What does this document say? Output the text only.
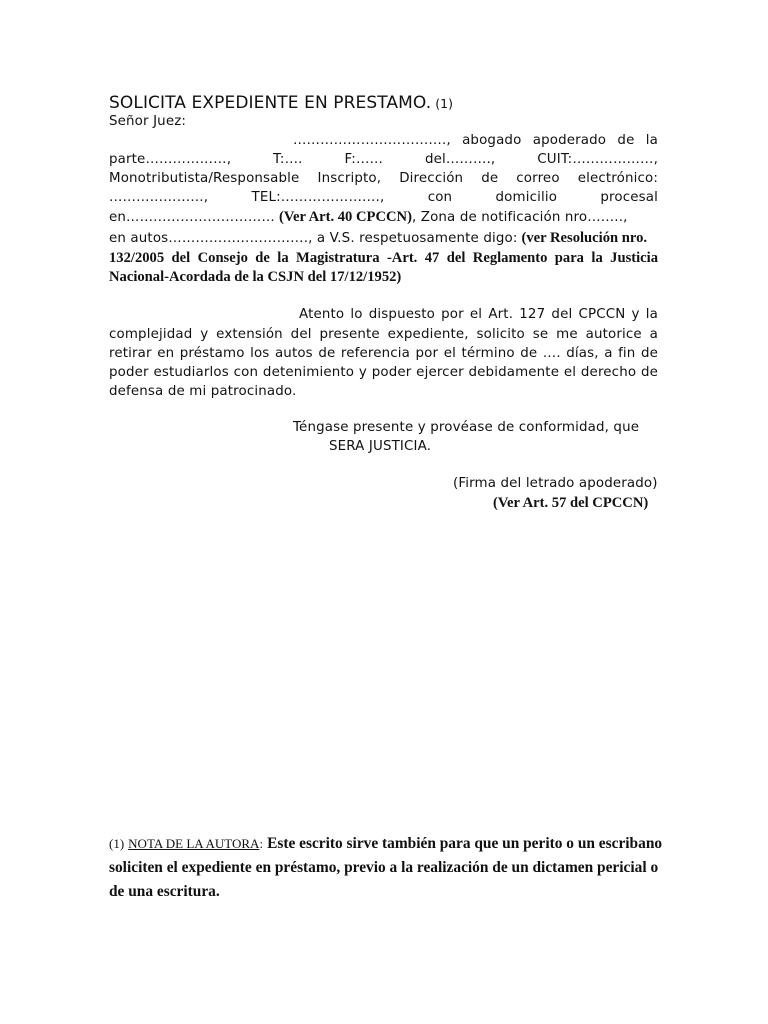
SOLICITA EXPEDIENTE EN PRESTAMO. (1)
Señor Juez:
……………………………., abogado apoderado de la
parte………………, T:…. F:…… del………., CUIT:………………,
Monotributista/Responsable Inscripto, Dirección de correo electrónico:
…………………, TEL:…………………., con domicilio procesal
en…………………………… (Ver Art. 40 CPCCN), Zona de notificación nro……..,
en autos…………………………., a V.S. respetuosamente digo: (ver Resolución nro.
132/2005 del Consejo de la Magistratura -Art. 47 del Reglamento para la Justicia
Nacional-Acordada de la CSJN del 17/12/1952)
Atento lo dispuesto por el Art. 127 del CPCCN y la
complejidad y extensión del presente expediente, solicito se me autorice a
retirar en préstamo los autos de referencia por el término de …. días, a fin de
poder estudiarlos con detenimiento y poder ejercer debidamente el derecho de
defensa de mi patrocinado.
Téngase presente y provéase de conformidad, que
SERA JUSTICIA.
(Firma del letrado apoderado)
(Ver Art. 57 del CPCCN)
(1) NOTA DE LA AUTORA: Este escrito sirve también para que un perito o un escribano
soliciten el expediente en préstamo, previo a la realización de un dictamen pericial o
de una escritura.
